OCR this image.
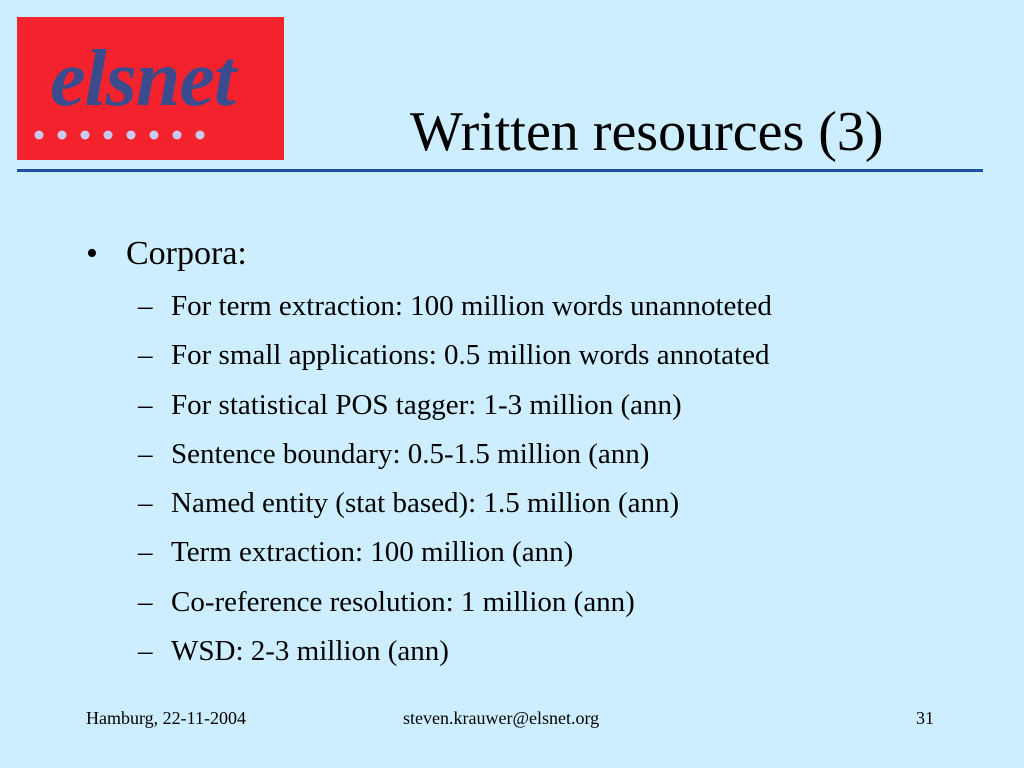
elsnet
Written resources (3)
• Corpora:
– For term extraction: 100 million words unannoteted
– For small applications: 0.5 million words annotated
– For statistical POS tagger: 1-3 million (ann)
– Sentence boundary: 0.5-1.5 million (ann)
– Named entity (stat based): 1.5 million (ann)
– Term extraction: 100 million (ann)
– Co-reference resolution: 1 million (ann)
– WSD: 2-3 million (ann)
Hamburg, 22-11-2004	steven.krauwer@elsnet.org	31
